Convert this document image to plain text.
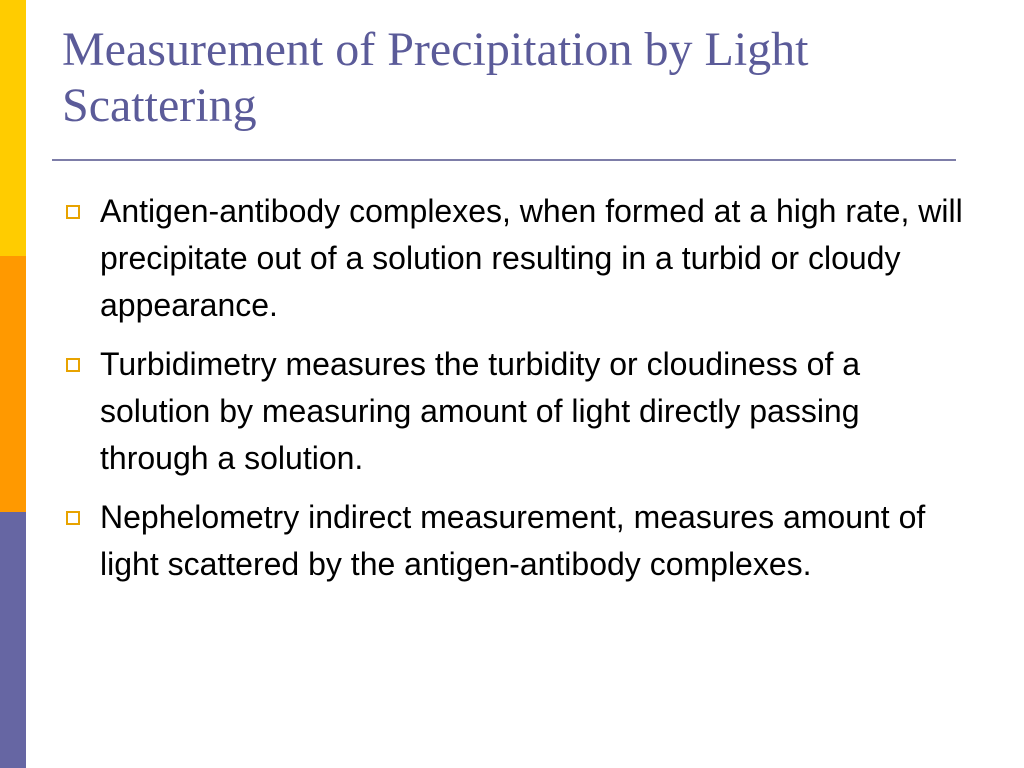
Measurement of Precipitation by Light Scattering
Antigen-antibody complexes, when formed at a high rate, will precipitate out of a solution resulting in a turbid or cloudy appearance.
Turbidimetry measures the turbidity or cloudiness of a solution by measuring amount of light directly passing through a solution.
Nephelometry indirect measurement, measures amount of light scattered by the antigen-antibody complexes.
